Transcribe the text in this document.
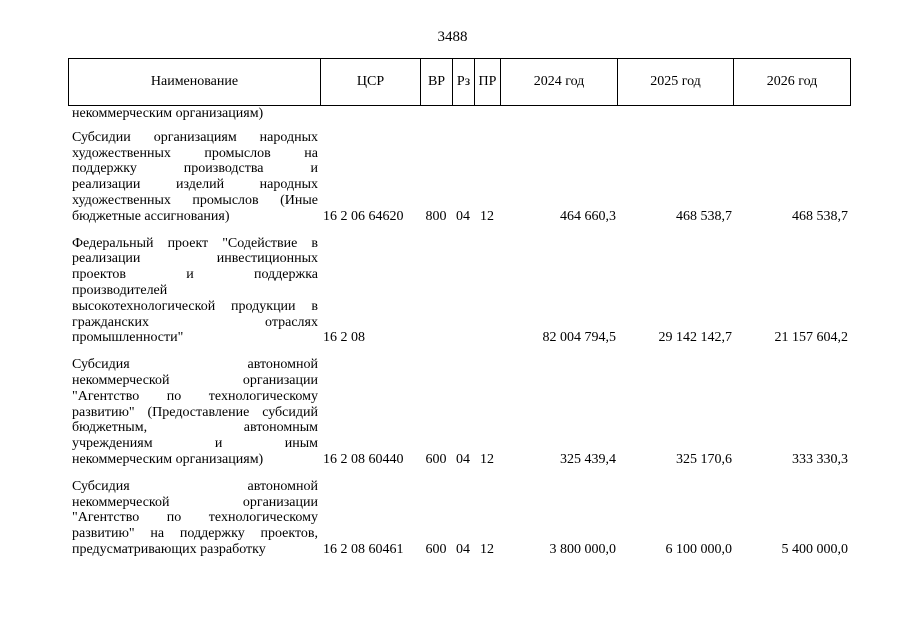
3488
Наименование	ЦСР	ВР Рз ПР	2024 год	2025 год	2026 год
некоммерческим организациям)
Субсидии организациям народных
художественных промыслов на
поддержку производства и
реализации изделий народных
художественных промыслов (Иные
бюджетные ассигнования)	16 2 06 64620	800 04 12	464 660,3	468 538,7	468 538,7
Федеральный проект "Содействие в
реализации инвестиционных
проектов и поддержка
производителей
высокотехнологической продукции в
гражданских отраслях
промышленности"	16 2 08	82 004 794,5	29 142 142,7	21 157 604,2
Субсидия автономной
некоммерческой организации
"Агентство по технологическому
развитию" (Предоставление субсидий
бюджетным, автономным
учреждениям и иным
некоммерческим организациям)	16 2 08 60440	600 04 12	325 439,4	325 170,6	333 330,3
Субсидия автономной
некоммерческой организации
"Агентство по технологическому
развитию" на поддержку проектов,
предусматривающих разработку	16 2 08 60461	600 04 12	3 800 000,0	6 100 000,0	5 400 000,0
